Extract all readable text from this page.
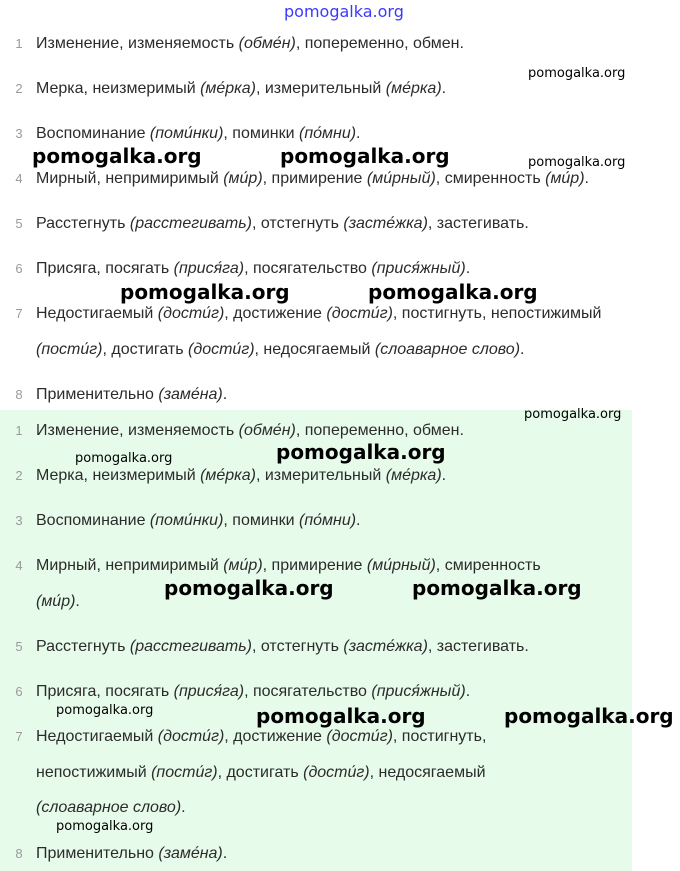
pomogalka.org
1 Изменение, изменяемость (обме́н), попеременно, обмен.
2 Мерка, неизмеримый (ме́рка), измерительный (ме́рка).
3 Воспоминание (поми́нки), поминки (по́мни).
4 Мирный, непримиримый (ми́р), примирение (ми́рный), смиренность (ми́р).
5 Расстегнуть (расстегивать), отстегнуть (засте́жка), застегивать.
6 Присяга, посягать (прися́га), посягательство (прися́жный).
7 Недостигаемый (дости́г), достижение (дости́г), постигнуть, непостижимый
(пости́г), достигать (дости́г), недосягаемый (слоаварное слово).
8 Применительно (заме́на).
1 Изменение, изменяемость (обме́н), попеременно, обмен.
2 Мерка, неизмеримый (ме́рка), измерительный (ме́рка).
3 Воспоминание (поми́нки), поминки (по́мни).
4 Мирный, непримиримый (ми́р), примирение (ми́рный), смиренность
(ми́р).
5 Расстегнуть (расстегивать), отстегнуть (засте́жка), застегивать.
6 Присяга, посягать (прися́га), посягательство (прися́жный).
7 Недостигаемый (дости́г), достижение (дости́г), постигнуть,
непостижимый (пости́г), достигать (дости́г), недосягаемый
(слоаварное слово).
8 Применительно (заме́на).
pomogalka.org
pomogalka.org	pomogalka.org	pomogalka.org
pomogalka.org	pomogalka.org
pomogalka.org
pomogalka.org
pomogalka.org
pomogalka.org	pomogalka.org
pomogalka.org	pomogalka.org	pomogalka.org
pomogalka.org
